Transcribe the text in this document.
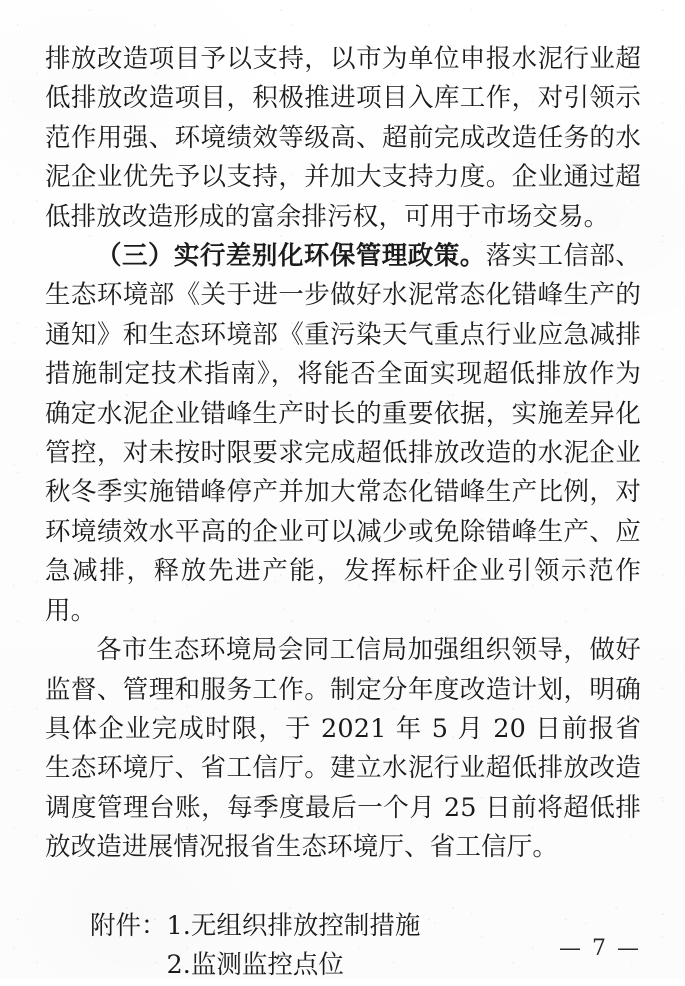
排放改造项目予以支持，以市为单位申报水泥行业超低排放改造项目，积极推进项目入库工作，对引领示范作用强、环境绩效等级高、超前完成改造任务的水泥企业优先予以支持，并加大支持力度。企业通过超低排放改造形成的富余排污权，可用于市场交易。

（三）实行差别化环保管理政策。落实工信部、生态环境部《关于进一步做好水泥常态化错峰生产的通知》和生态环境部《重污染天气重点行业应急减排措施制定技术指南》，将能否全面实现超低排放作为确定水泥企业错峰生产时长的重要依据，实施差异化管控，对未按时限要求完成超低排放改造的水泥企业秋冬季实施错峰停产并加大常态化错峰生产比例，对环境绩效水平高的企业可以减少或免除错峰生产、应急减排，释放先进产能，发挥标杆企业引领示范作用。

各市生态环境局会同工信局加强组织领导，做好监督、管理和服务工作。制定分年度改造计划，明确具体企业完成时限，于 2021 年 5 月 20 日前报省生态环境厅、省工信厅。建立水泥行业超低排放改造调度管理台账，每季度最后一个月 25 日前将超低排放改造进展情况报省生态环境厅、省工信厅。

附件： 1. 无组织排放控制措施
2. 监测监控点位
— 7 —
